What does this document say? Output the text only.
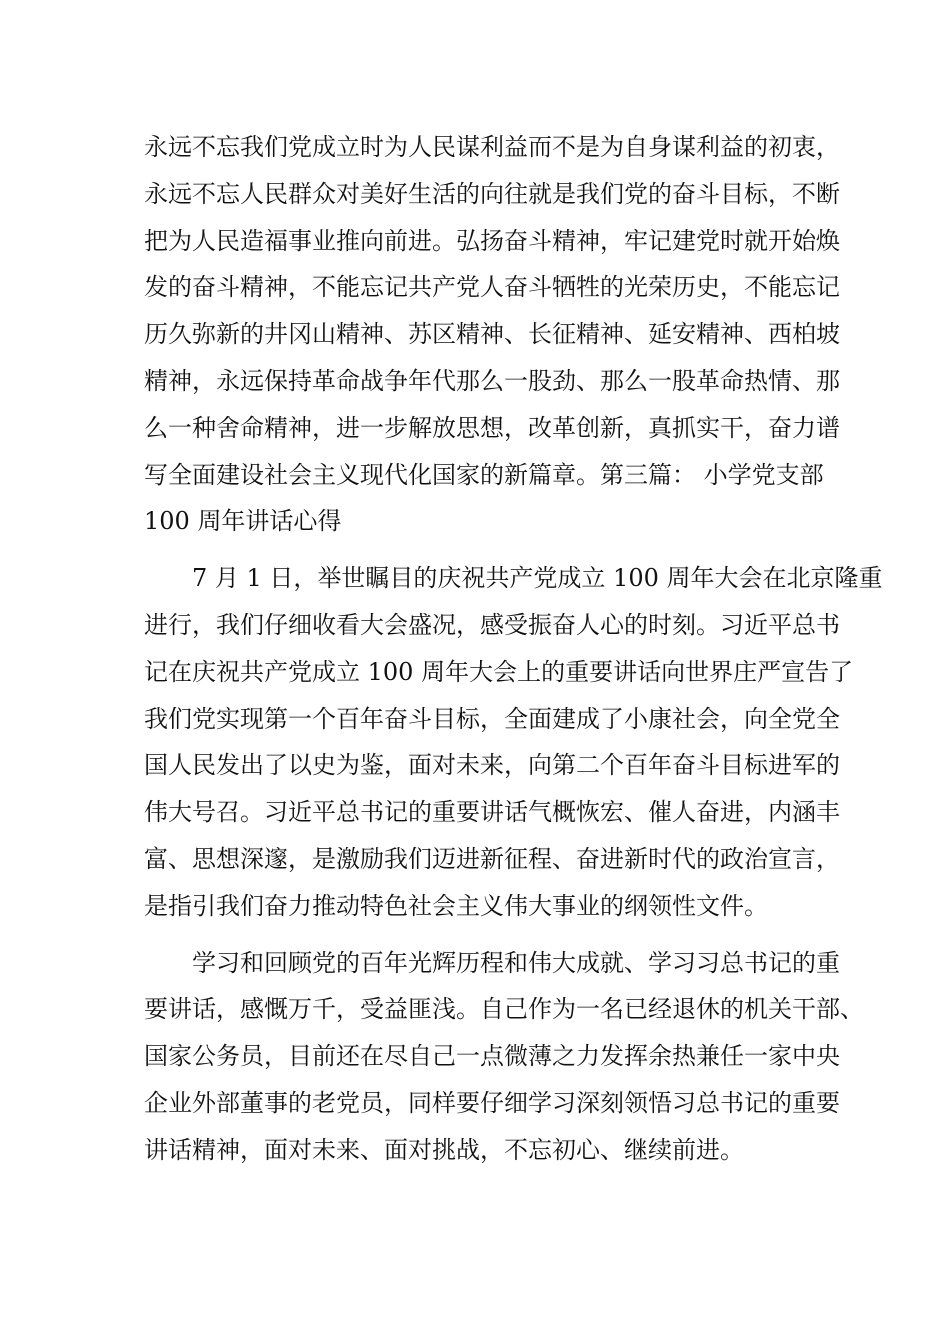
永远不忘我们党成立时为人民谋利益而不是为自身谋利益的初衷，
永远不忘人民群众对美好生活的向往就是我们党的奋斗目标，不断
把为人民造福事业推向前进。弘扬奋斗精神，牢记建党时就开始焕
发的奋斗精神，不能忘记共产党人奋斗牺牲的光荣历史，不能忘记
历久弥新的井冈山精神、苏区精神、长征精神、延安精神、西柏坡
精神，永远保持革命战争年代那么一股劲、那么一股革命热情、那
么一种舍命精神，进一步解放思想，改革创新，真抓实干，奋力谱
写全面建设社会主义现代化国家的新篇章。第三篇： 小学党支部
100 周年讲话心得
7 月 1 日，举世瞩目的庆祝共产党成立 100 周年大会在北京隆重
进行，我们仔细收看大会盛况，感受振奋人心的时刻。习近平总书
记在庆祝共产党成立 100 周年大会上的重要讲话向世界庄严宣告了
我们党实现第一个百年奋斗目标，全面建成了小康社会，向全党全
国人民发出了以史为鉴，面对未来，向第二个百年奋斗目标进军的
伟大号召。习近平总书记的重要讲话气概恢宏、催人奋进，内涵丰
富、思想深邃，是激励我们迈进新征程、奋进新时代的政治宣言，
是指引我们奋力推动特色社会主义伟大事业的纲领性文件。
学习和回顾党的百年光辉历程和伟大成就、学习习总书记的重
要讲话，感慨万千，受益匪浅。自己作为一名已经退休的机关干部、
国家公务员，目前还在尽自己一点微薄之力发挥余热兼任一家中央
企业外部董事的老党员，同样要仔细学习深刻领悟习总书记的重要
讲话精神，面对未来、面对挑战，不忘初心、继续前进。
